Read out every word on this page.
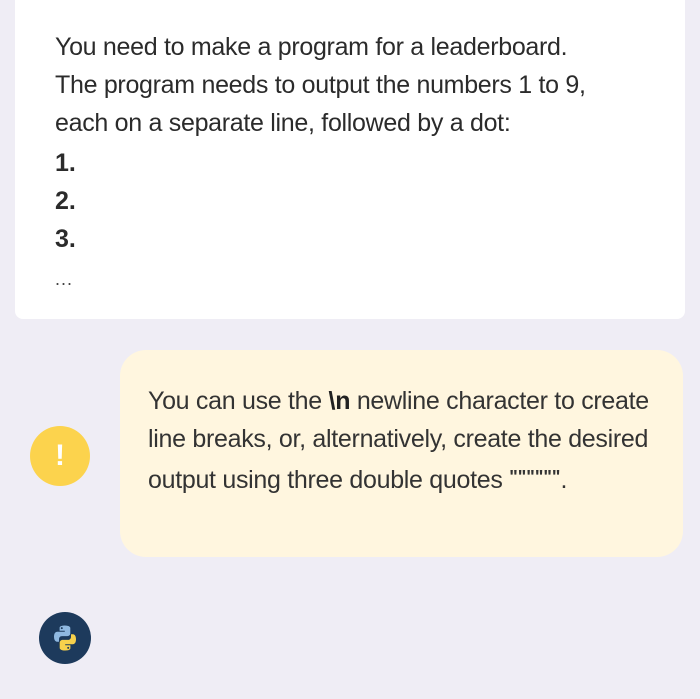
You need to make a program for a leaderboard.
The program needs to output the numbers 1 to 9,
each on a separate line, followed by a dot:
1.
2.
3.
...
!

You can use the \n newline character to create line breaks, or, alternatively, create the desired output using three double quotes """""".
